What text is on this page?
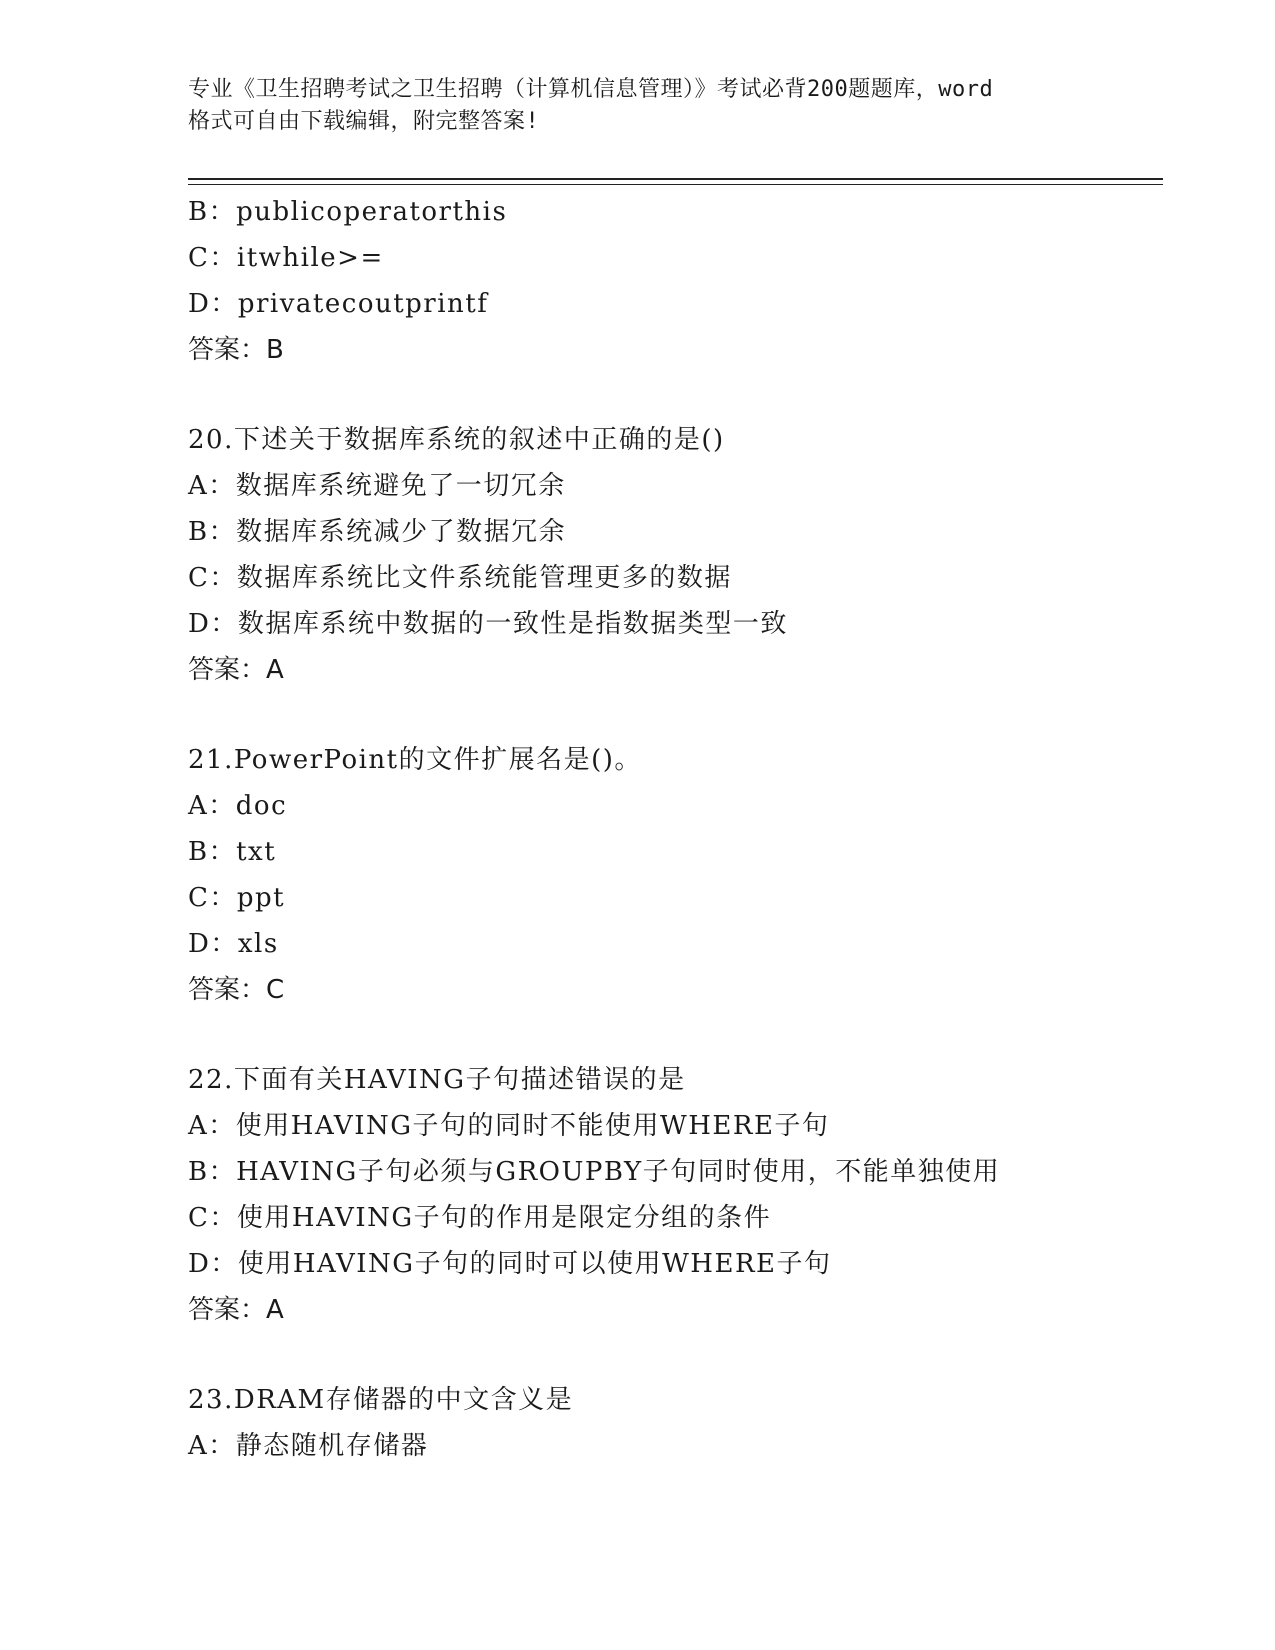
专业《卫生招聘考试之卫生招聘（计算机信息管理）》考试必背200题题库，word
格式可自由下载编辑，附完整答案!
B：publicoperatorthis
C：itwhile>=
D：privatecoutprintf
答案：B
20.下述关于数据库系统的叙述中正确的是()
A：数据库系统避免了一切冗余
B：数据库系统减少了数据冗余
C：数据库系统比文件系统能管理更多的数据
D：数据库系统中数据的一致性是指数据类型一致
答案：A
21.PowerPoint的文件扩展名是()。
A：doc
B：txt
C：ppt
D：xls
答案：C
22.下面有关HAVING子句描述错误的是
A：使用HAVING子句的同时不能使用WHERE子句
B：HAVING子句必须与GROUPBY子句同时使用，不能单独使用
C：使用HAVING子句的作用是限定分组的条件
D：使用HAVING子句的同时可以使用WHERE子句
答案：A
23.DRAM存储器的中文含义是
A：静态随机存储器
